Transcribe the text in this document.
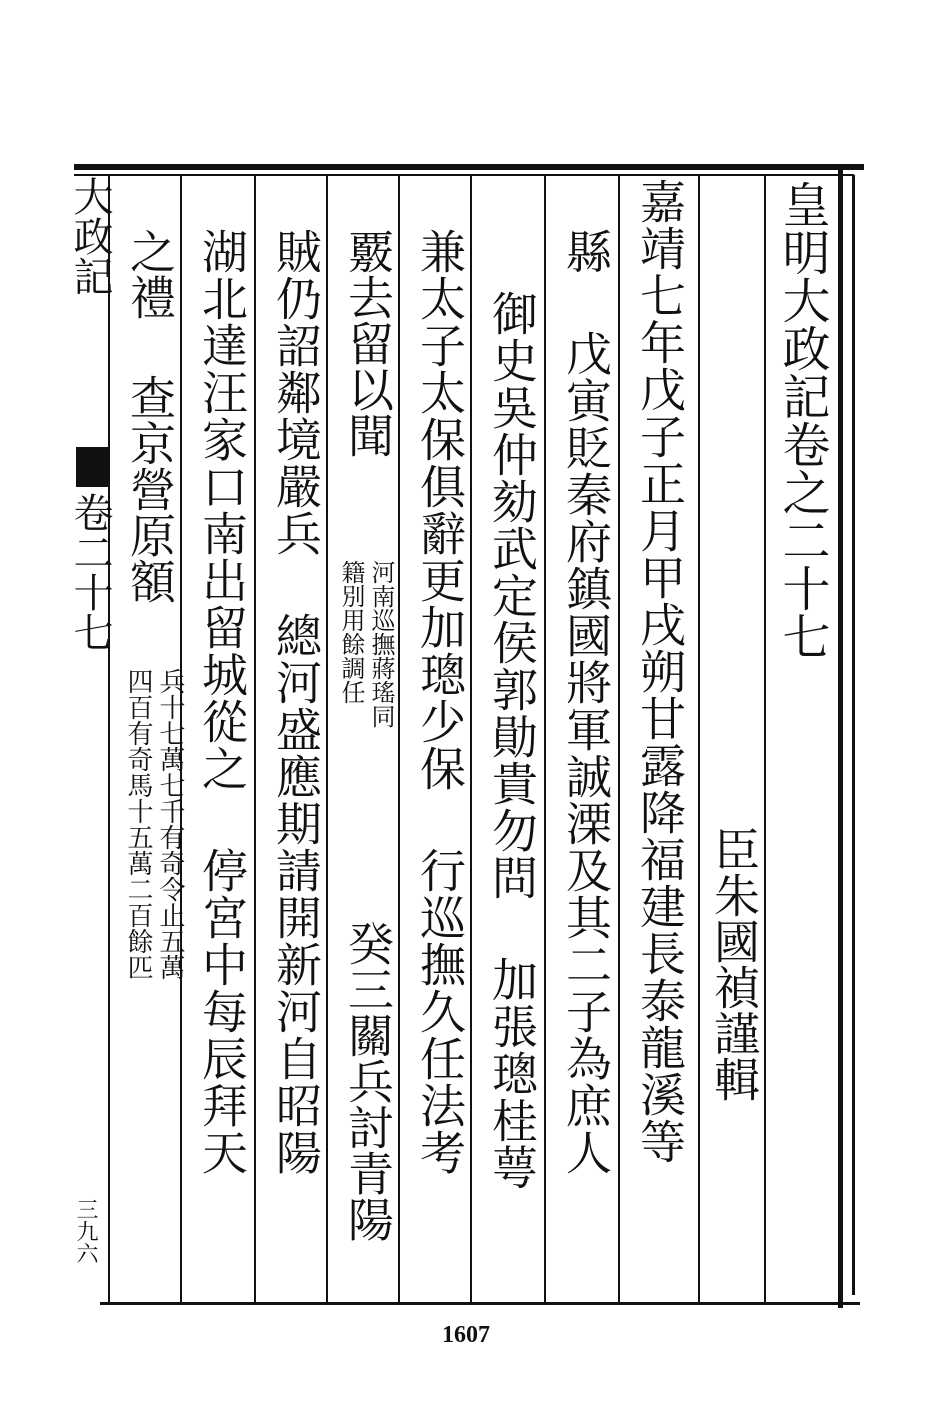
大政記
卷二十七
三九六
皇明大政記卷之二十七
臣朱國禎謹輯
嘉靖七年戊子正月甲戌朔甘露降福建長泰龍溪等
縣 戊寅貶秦府鎮國將軍誠溧及其二子為庶人
御史吳仲劾武定侯郭勛貴勿問 加張璁桂萼
兼太子太保俱辭更加璁少保 行巡撫久任法考
覈去留以聞
河南巡撫蔣瑤同
籍別用餘調任
癸三關兵討青陽
賊仍詔鄰境嚴兵 總河盛應期請開新河自昭陽
湖北達汪家口南出留城從之 停宮中每辰拜天
之禮 查京營原額
兵十七萬七千有奇令止五萬
四百有奇馬十五萬二百餘匹
1607
